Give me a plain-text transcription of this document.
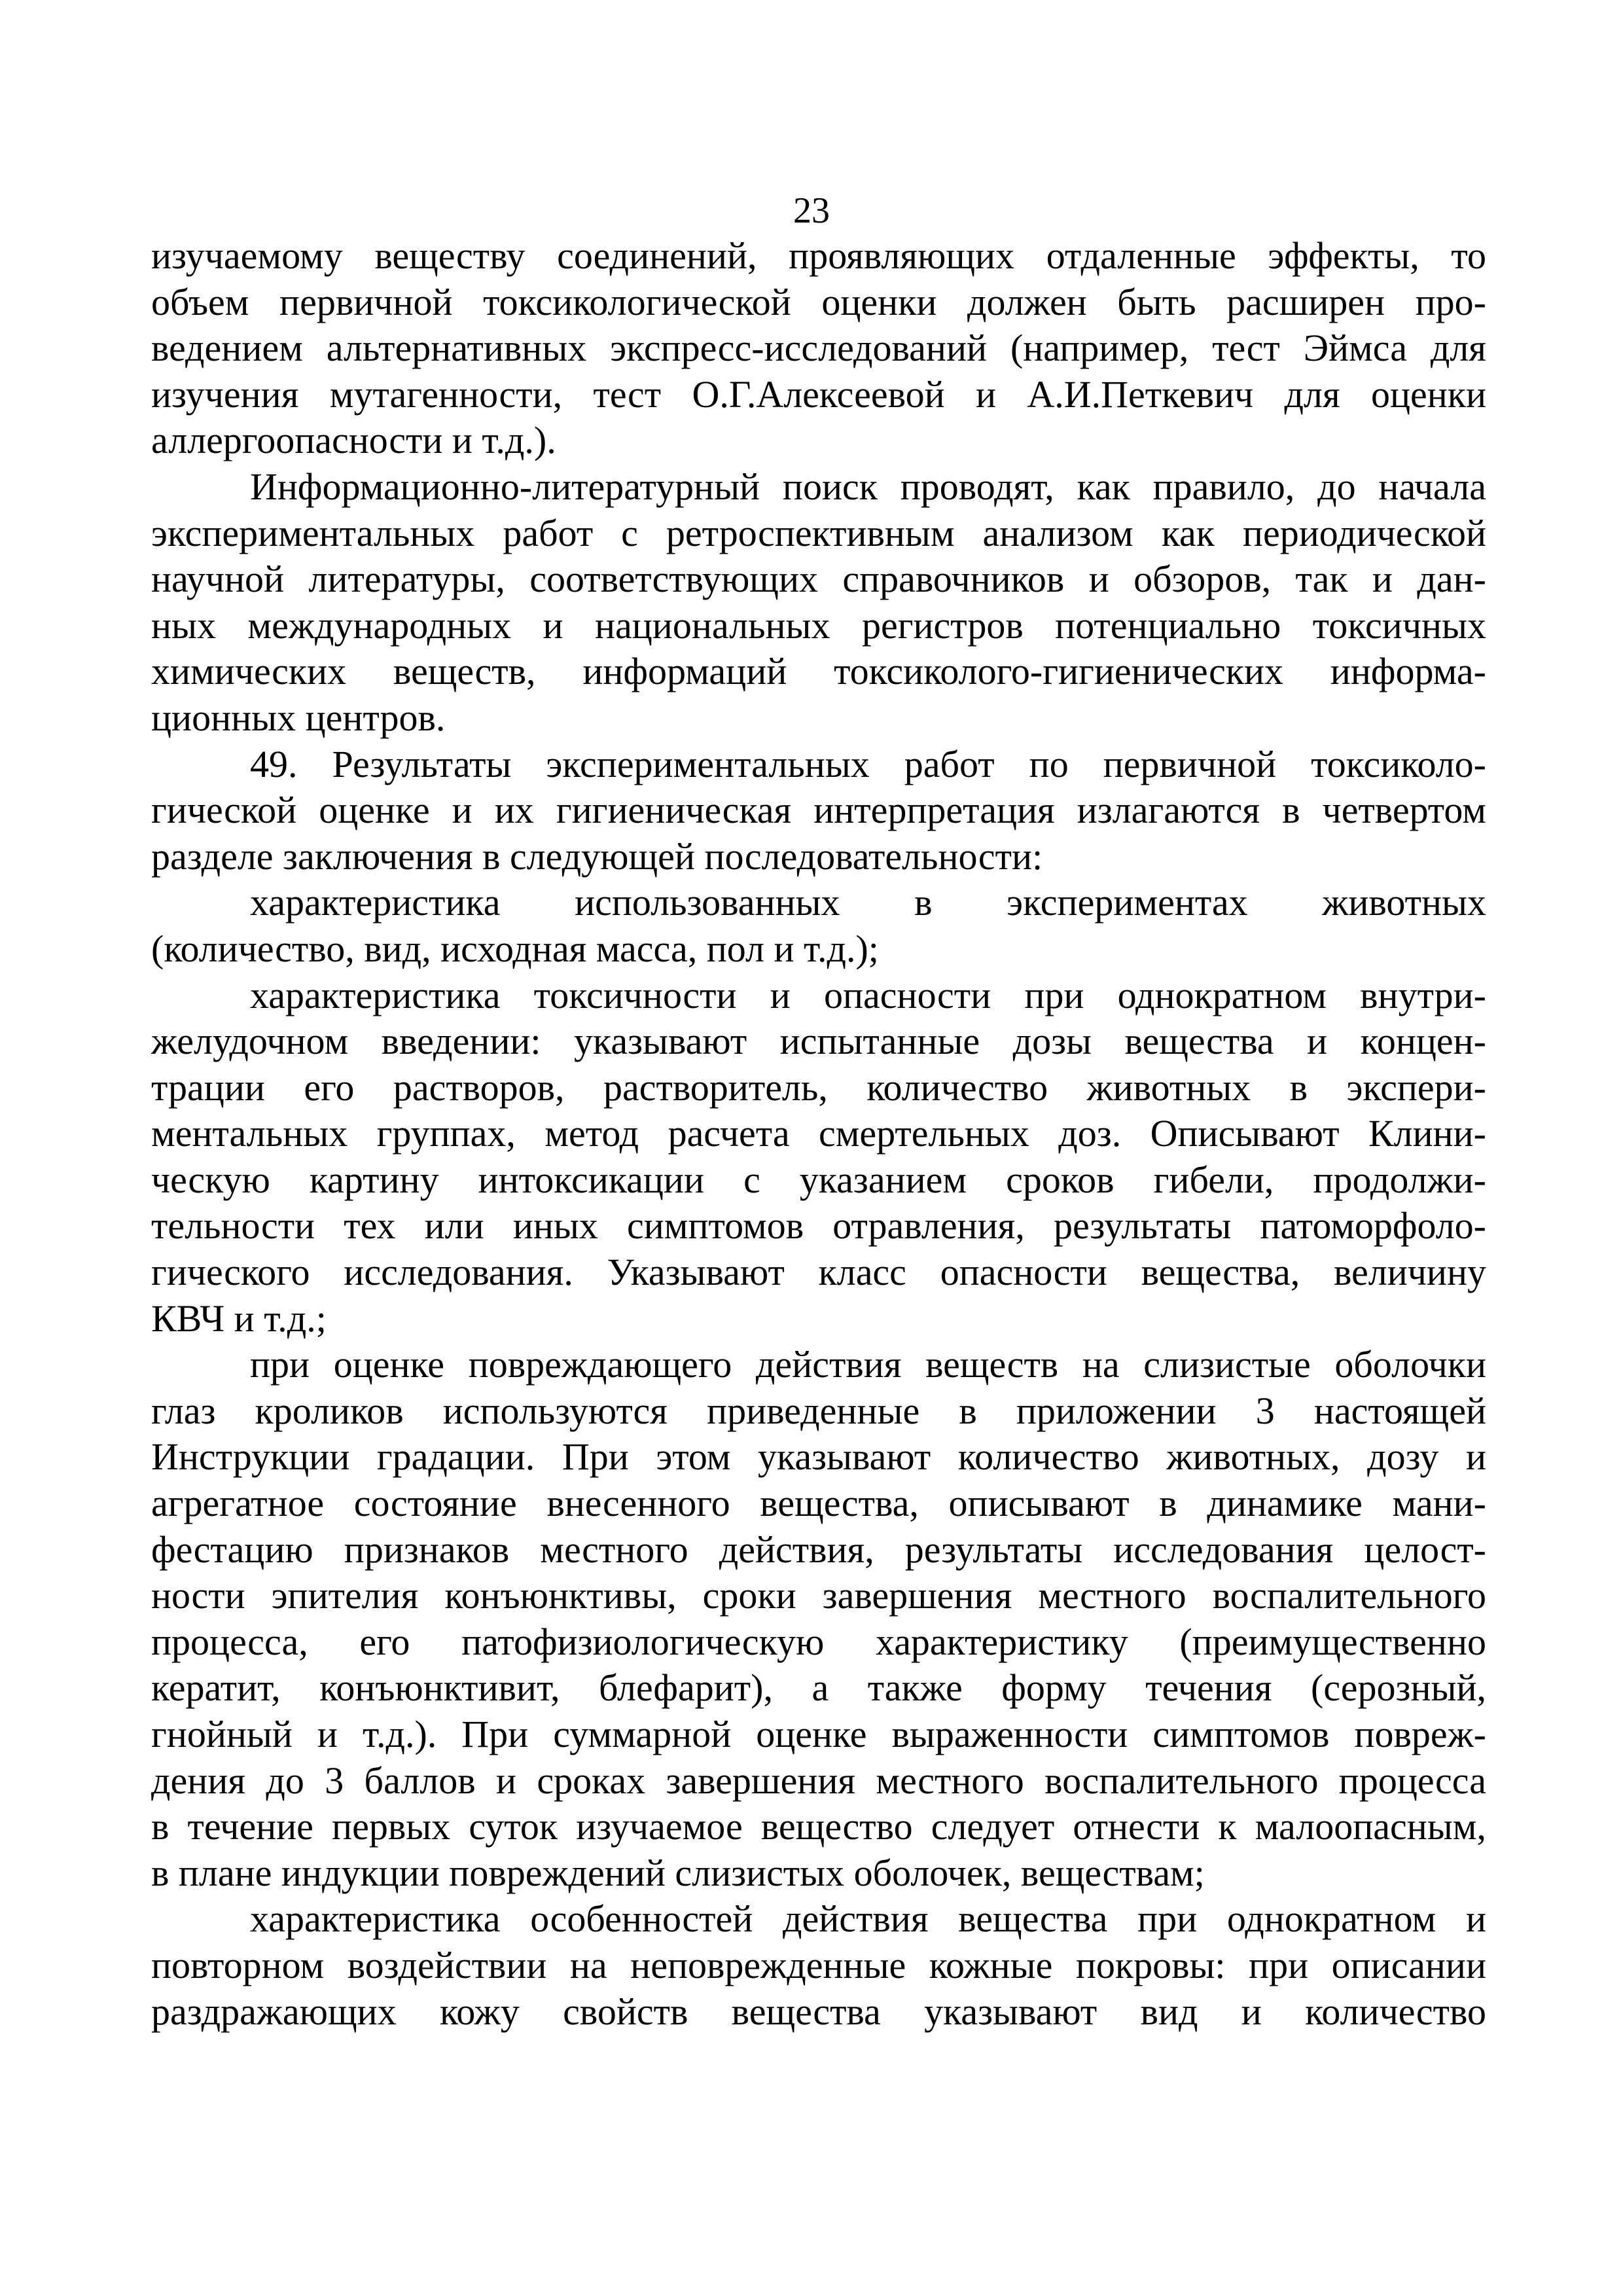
23
изучаемому веществу соединений, проявляющих отдаленные эффекты, то
объем первичной токсикологической оценки должен быть расширен про-
ведением альтернативных экспресс-исследований (например, тест Эймса для
изучения мутагенности, тест О.Г.Алексеевой и А.И.Петкевич для оценки
аллергоопасности и т.д.).
Информационно-литературный поиск проводят, как правило, до начала
экспериментальных работ с ретроспективным анализом как периодической
научной литературы, соответствующих справочников и обзоров, так и дан-
ных международных и национальных регистров потенциально токсичных
химических веществ, информаций токсиколого-гигиенических информа-
ционных центров.
49. Результаты экспериментальных работ по первичной токсиколо-
гической оценке и их гигиеническая интерпретация излагаются в четвертом
разделе заключения в следующей последовательности:
характеристика использованных в экспериментах животных
(количество, вид, исходная масса, пол и т.д.);
характеристика токсичности и опасности при однократном внутри-
желудочном введении: указывают испытанные дозы вещества и концен-
трации его растворов, растворитель, количество животных в экспери-
ментальных группах, метод расчета смертельных доз. Описывают Клини-
ческую картину интоксикации с указанием сроков гибели, продолжи-
тельности тех или иных симптомов отравления, результаты патоморфоло-
гического исследования. Указывают класс опасности вещества, величину
КВЧ и т.д.;
при оценке повреждающего действия веществ на слизистые оболочки
глаз кроликов используются приведенные в приложении 3 настоящей
Инструкции градации. При этом указывают количество животных, дозу и
агрегатное состояние внесенного вещества, описывают в динамике мани-
фестацию признаков местного действия, результаты исследования целост-
ности эпителия конъюнктивы, сроки завершения местного воспалительного
процесса, его патофизиологическую характеристику (преимущественно
кератит, конъюнктивит, блефарит), а также форму течения (серозный,
гнойный и т.д.). При суммарной оценке выраженности симптомов повреж-
дения до 3 баллов и сроках завершения местного воспалительного процесса
в течение первых суток изучаемое вещество следует отнести к малоопасным,
в плане индукции повреждений слизистых оболочек, веществам;
характеристика особенностей действия вещества при однократном и
повторном воздействии на неповрежденные кожные покровы: при описании
раздражающих кожу свойств вещества указывают вид и количество
